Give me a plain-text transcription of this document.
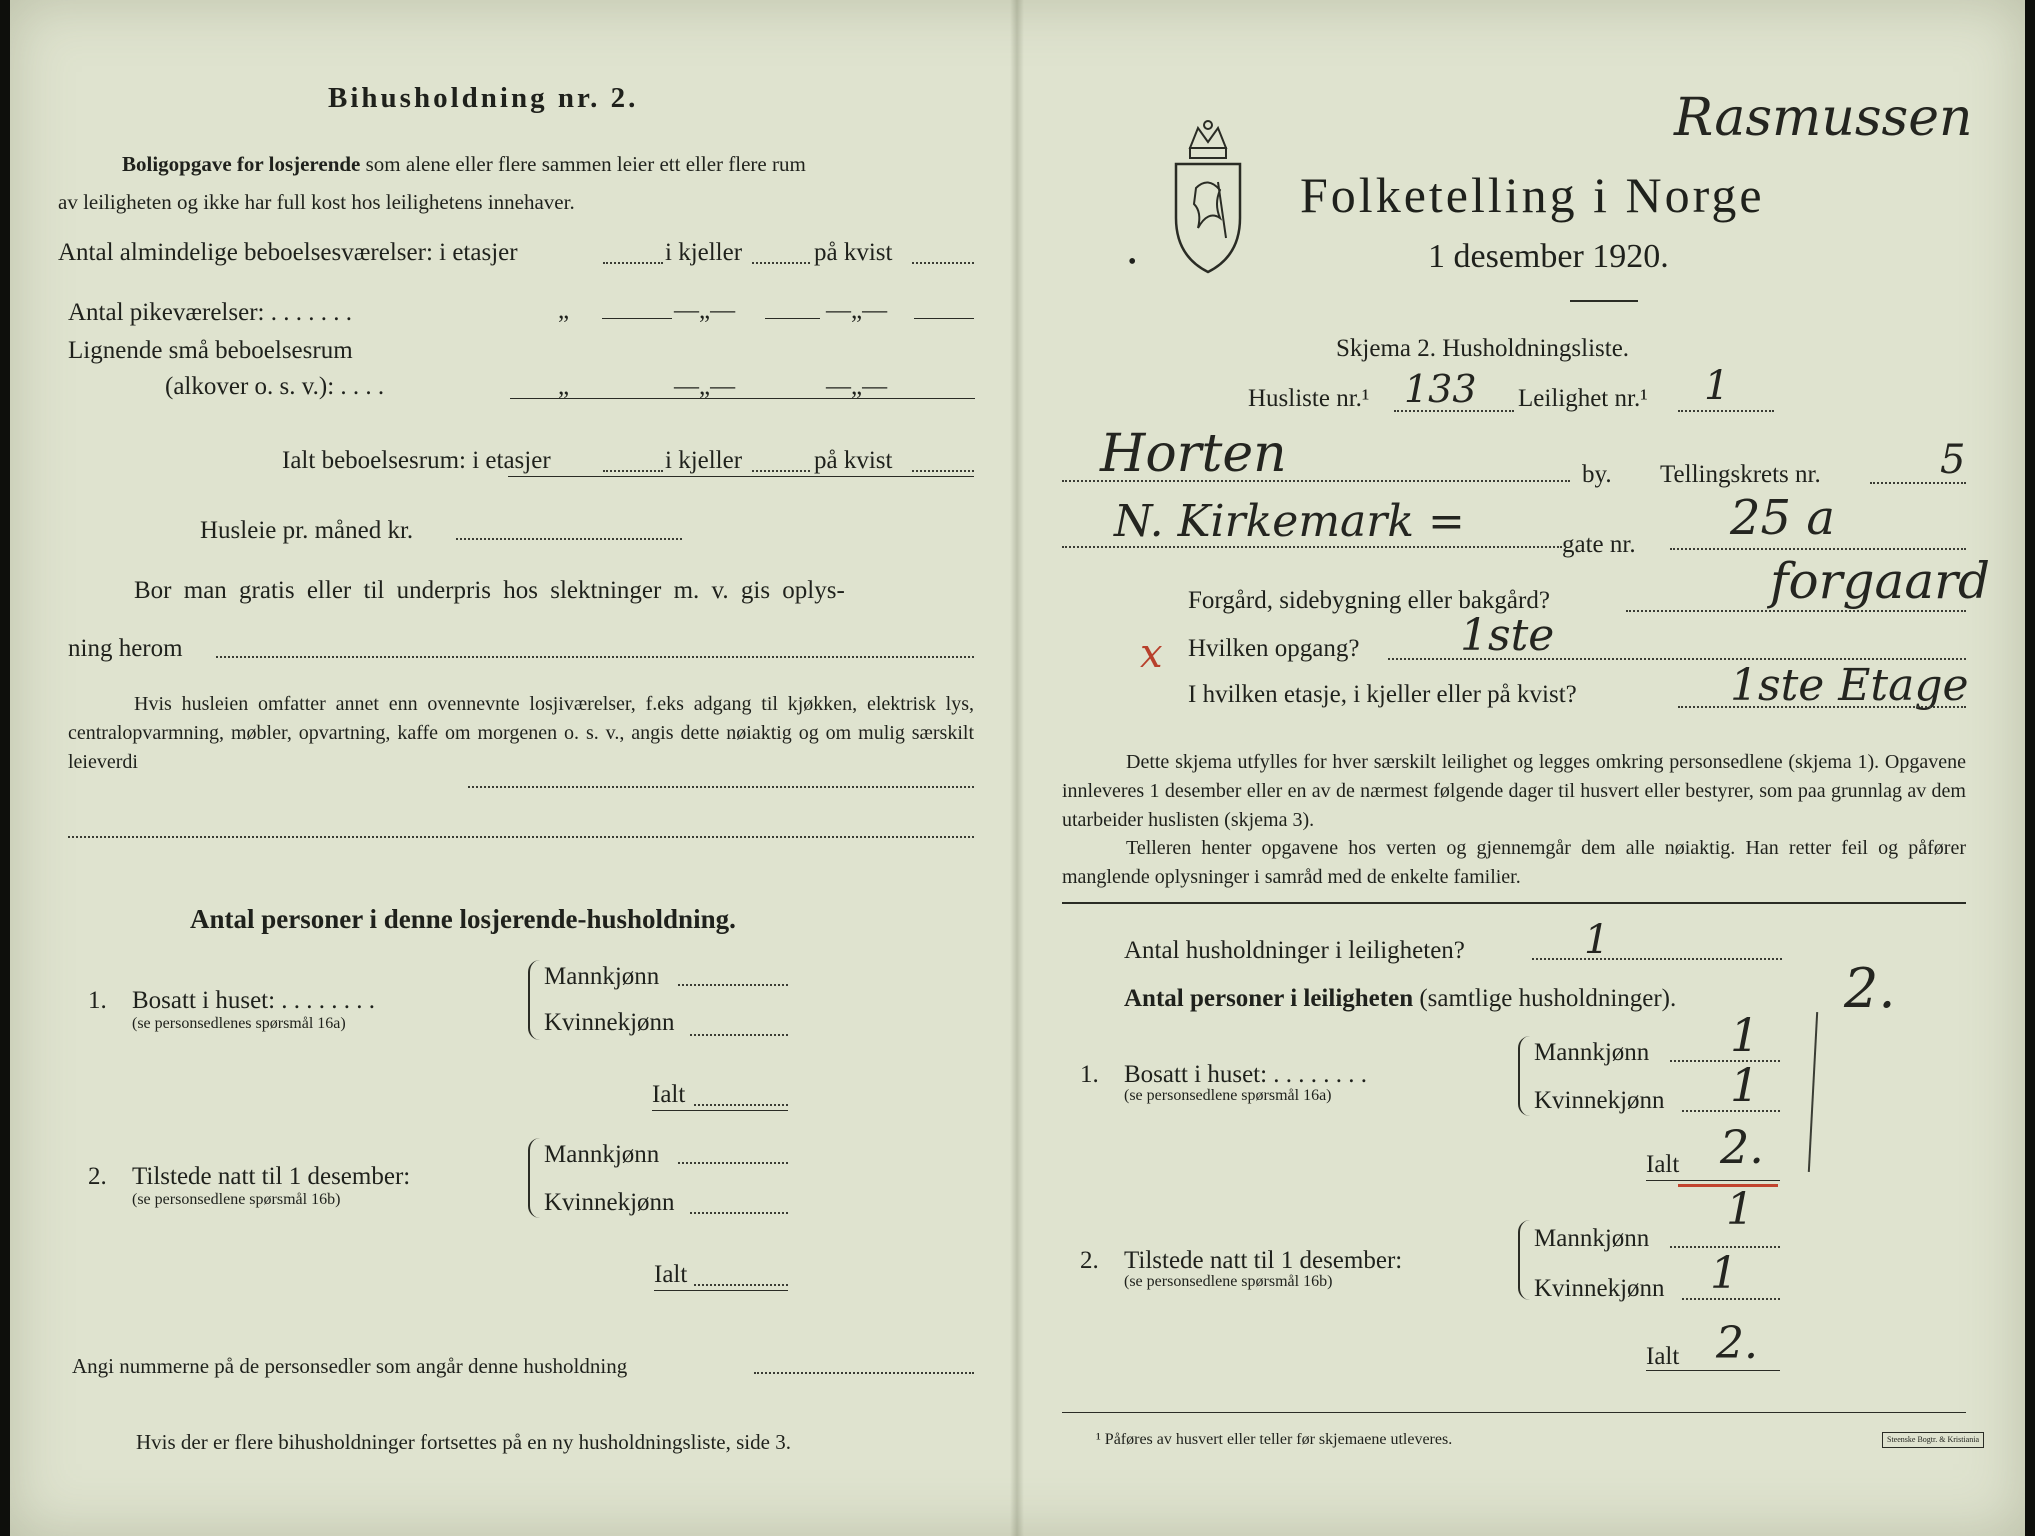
Bihusholdning nr. 2.
Boligopgave for losjerende som alene eller flere sammen leier ett eller flere rum
av leiligheten og ikke har full kost hos leilighetens innehaver.
Antal almindelige beboelsesværelser: i etasjer	i kjeller	på kvist
Antal pikeværelser: . . . . . . .	„	—„—	—„—
Lignende små beboelsesrum
(alkover o. s. v.): . . . .	„	—„—	—„—
Ialt beboelsesrum: i etasjer	i kjeller	på kvist
Husleie pr. måned kr.
Bor man gratis eller til underpris hos slektninger m. v. gis oplys-
ning herom
Hvis husleien omfatter annet enn ovennevnte losjiværelser, f.eks adgang til kjøkken, elektrisk lys, centralopvarmning, møbler, opvartning, kaffe om morgenen o. s. v., angis dette nøiaktig og om mulig særskilt leieverdi
Antal personer i denne losjerende-husholdning.
1. Bosatt i huset: . . . . . . . .
(se personsedlenes spørsmål 16a)
Mannkjønn
Kvinnekjønn
Ialt
2. Tilstede natt til 1 desember:
(se personsedlene spørsmål 16b)
Mannkjønn
Kvinnekjønn
Ialt
Angi nummerne på de personsedler som angår denne husholdning
Hvis der er flere bihusholdninger fortsettes på en ny husholdningsliste, side 3.
•
Folketelling i Norge
1 desember 1920.
Skjema 2. Husholdningsliste.
Husliste nr.¹ 133 Leilighet nr.¹ 1
Horten	by. Tellingskrets nr.	5
N. Kirkemark =	gate nr. 25 a
Forgård, sidebygning eller bakgård?	forgaard
x Hvilken opgang? 1ste
I hvilken etasje, i kjeller eller på kvist?	1ste Etage
Dette skjema utfylles for hver særskilt leilighet og legges omkring personsedlene (skjema 1). Opgavene innleveres 1 desember eller en av de nærmest følgende dager til husvert eller bestyrer, som paa grunnlag av dem utarbeider huslisten (skjema 3).
Telleren henter opgavene hos verten og gjennemgår dem alle nøiaktig. Han retter feil og påfører manglende oplysninger i samråd med de enkelte familier.
Antal husholdninger i leiligheten?	1
Antal personer i leiligheten (samtlige husholdninger).	2.
1. Bosatt i huset: . . . . . . . .
(se personsedlene spørsmål 16a)
Mannkjønn 1
Kvinnekjønn 1
Ialt 2.
2. Tilstede natt til 1 desember:
(se personsedlene spørsmål 16b)
Mannkjønn
1
Kvinnekjønn 1
Ialt 2.
¹ Påføres av husvert eller teller før skjemaene utleveres.	Steenske Bogtr. & Kristiania
Rasmussen
